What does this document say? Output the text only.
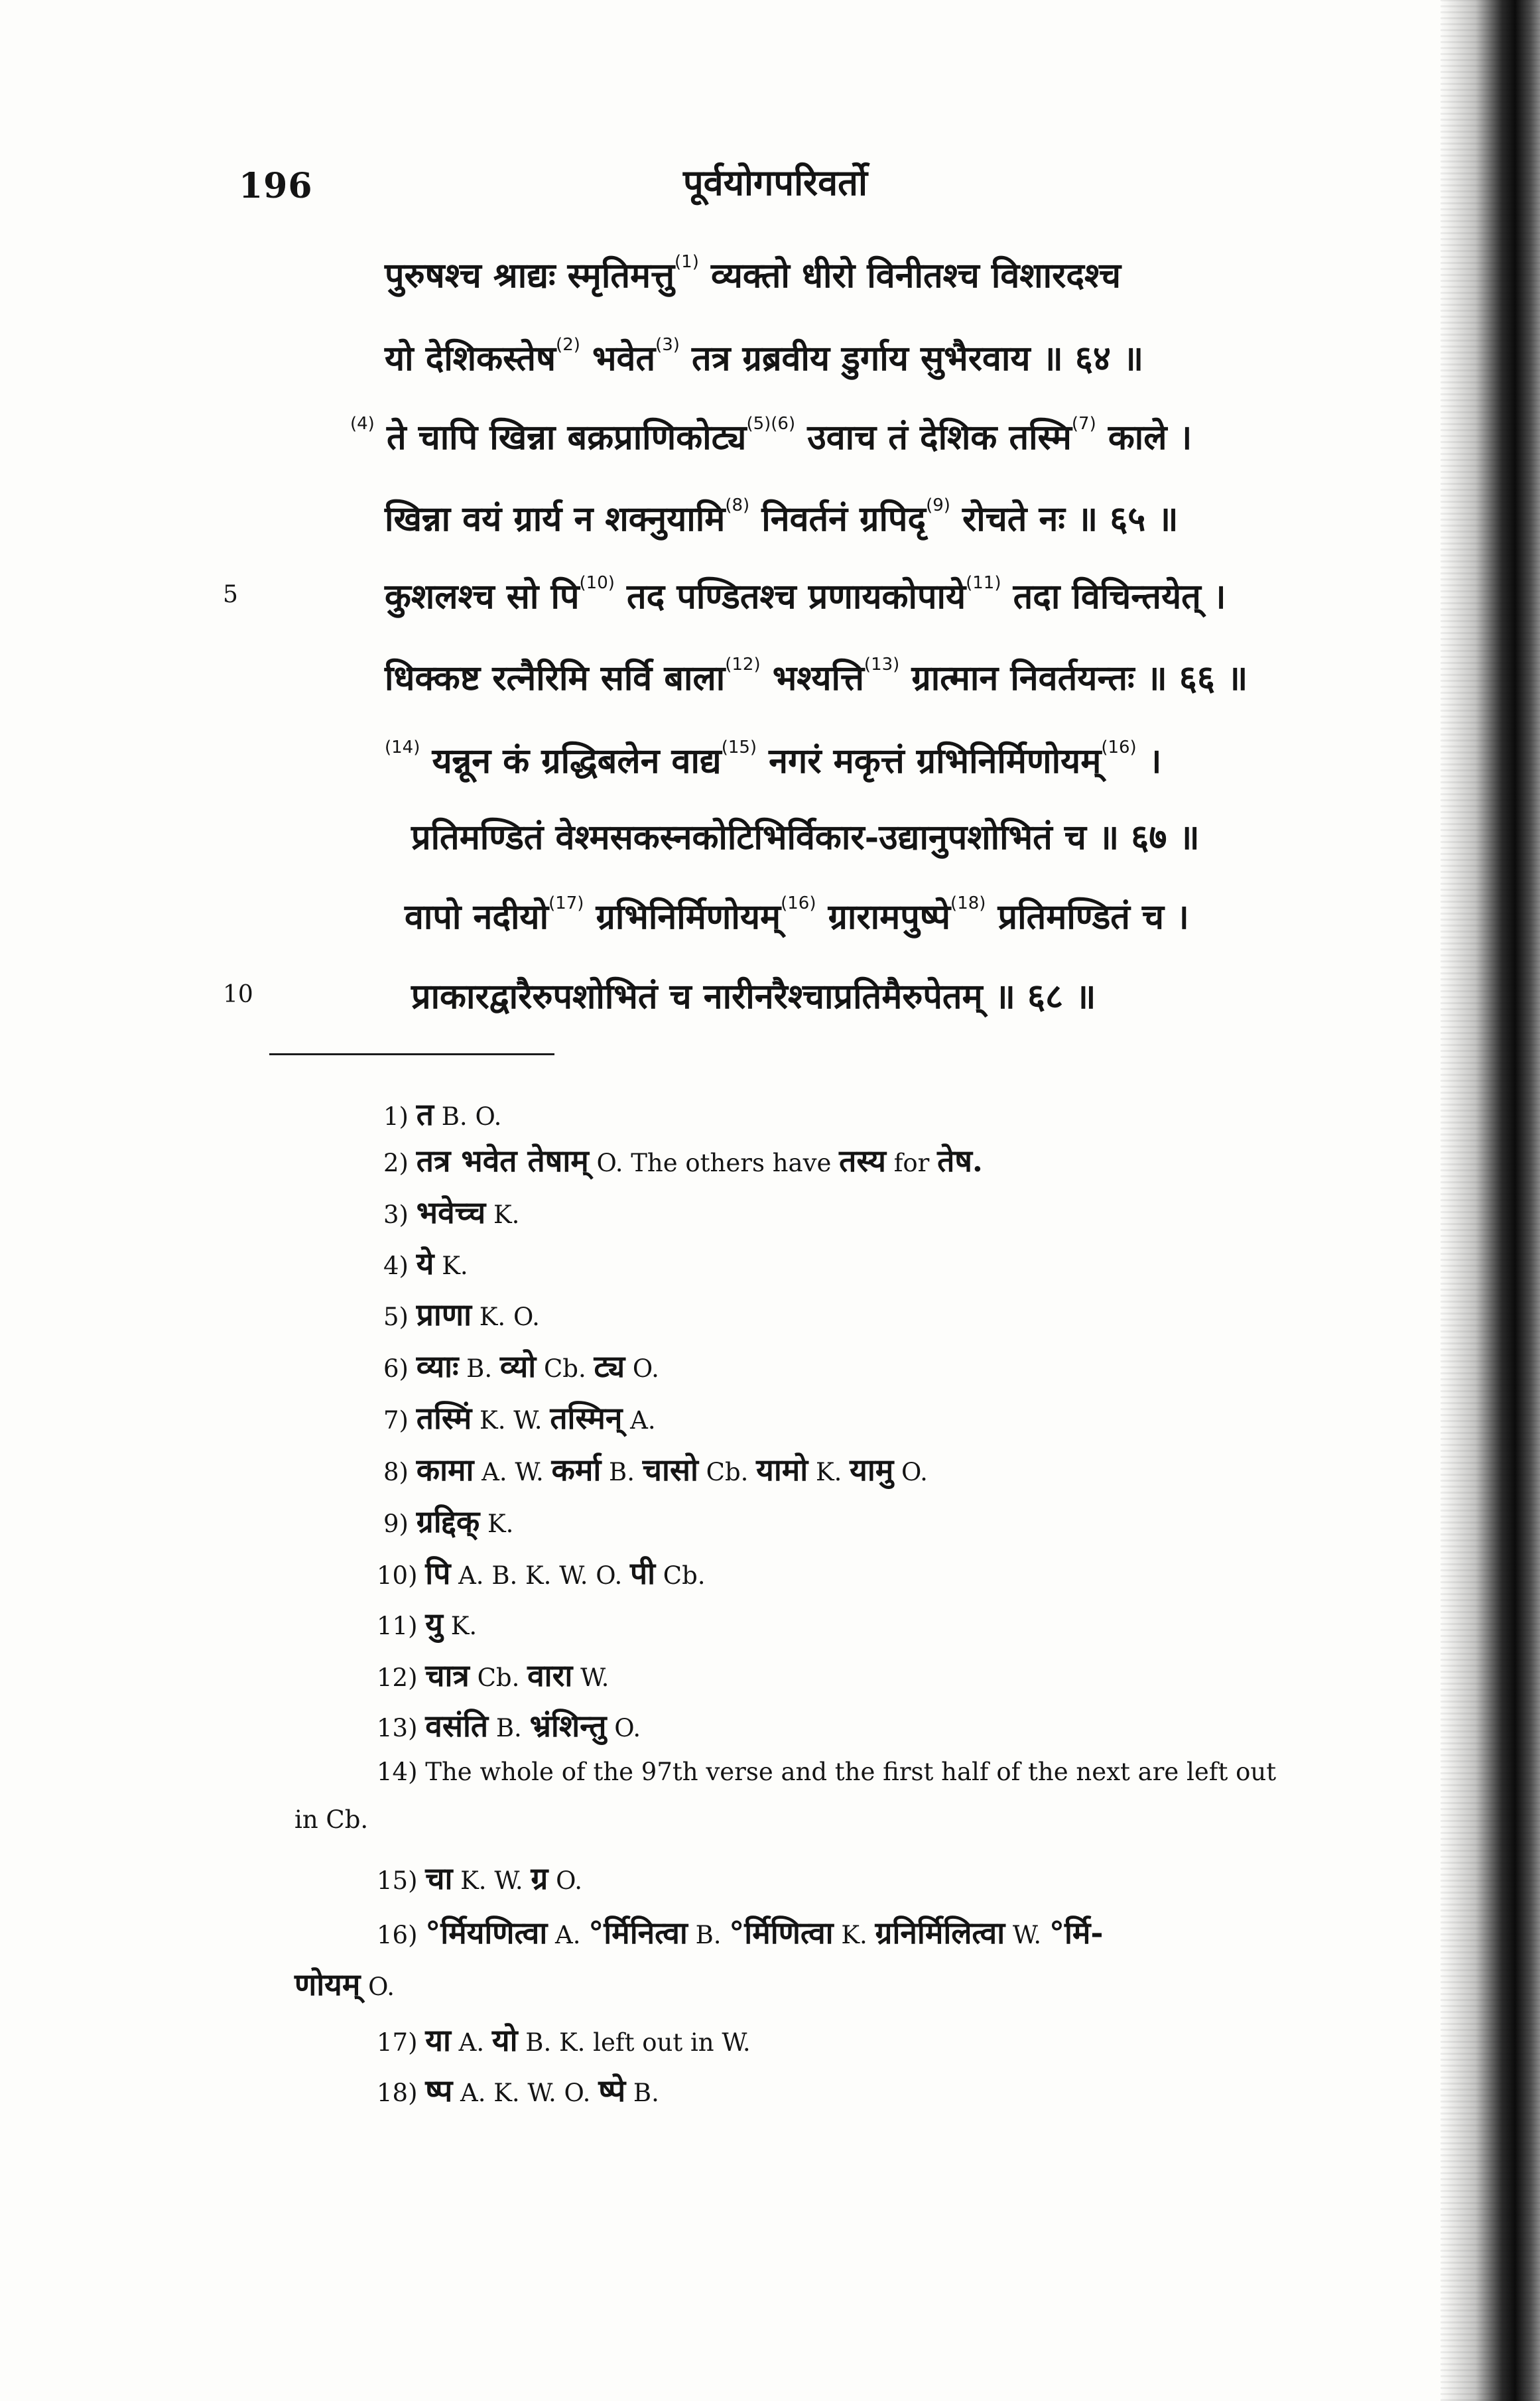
196	पूर्वयोगपरिवर्तो
पुरुषश्च श्राद्यः स्मृतिमत्तु$^{(1)}$ व्यक्तो धीरो विनीतश्च विशारदश्च
यो देशिकस्तेष$^{(2)}$ भवेत$^{(3)}$ तत्र ग्रब्रवीय डुर्गाय सुभैरवाय ॥ ६४ ॥
$^{(4)}$ ते चापि खिन्ना बक्रप्राणिकोट्य$^{(5)(6)}$ उवाच तं देशिक तस्मि$^{(7)}$ काले ।
खिन्ना वयं ग्रार्य न शक्नुयामि$^{(8)}$ निवर्तनं ग्रपिदृ$^{(9)}$ रोचते नः ॥ ६५ ॥
कुशलश्च सो पि$^{(10)}$ तद पण्डितश्च प्रणायकोपाये$^{(11)}$ तदा विचिन्तयेत् ।
5
धिक्कष्ट रत्नैरिमि सर्वि बाला$^{(12)}$ भश्यत्ति$^{(13)}$ ग्रात्मान निवर्तयन्तः ॥ ६६ ॥
$^{(14)}$ यन्नून कं ग्रद्धिबलेन वाद्य$^{(15)}$ नगरं मकृत्तं ग्रभिनिर्मिणोयम्$^{(16)}$ ।
प्रतिमण्डितं वेश्मसकस्नकोटिभिर्विकार-उद्यानुपशोभितं च ॥ ६७ ॥
वापो नदीयो$^{(17)}$ ग्रभिनिर्मिणोयम्$^{(16)}$ ग्रारामपुष्पे$^{(18)}$ प्रतिमण्डितं च ।
प्राकारद्वारैरुपशोभितं च नारीनरैश्चाप्रतिमैरुपेतम् ॥ ६८ ॥
10
1) त B. O.
2) तत्र भवेत तेषाम् O. The others have तस्य for तेष.
3) भवेच्च K.
4) ये K.
5) प्राणा K. O.
6) व्याः B. व्यो Cb. ट्य O.
7) तस्मिं K. W. तस्मिन् A.
8) कामा A. W. कर्मा B. चासो Cb. यामो K. यामु O.
9) ग्रद्दिक् K.
10) पि A. B. K. W. O. पी Cb.
11) यु K.
12) चात्र Cb. वारा W.
13) वसंति B. भ्रंशिन्तु O.
14) The whole of the 97th verse and the first half of the next are left out
in Cb.
15) चा K. W. ग्र O.
16) °र्मियणित्वा A. °र्मिनित्वा B. °र्मिणित्वा K. ग्रनिर्मिलित्वा W. °र्मि-
णोयम् O.
17) या A. यो B. K. left out in W.
18) ष्प A. K. W. O. ष्पे B.
